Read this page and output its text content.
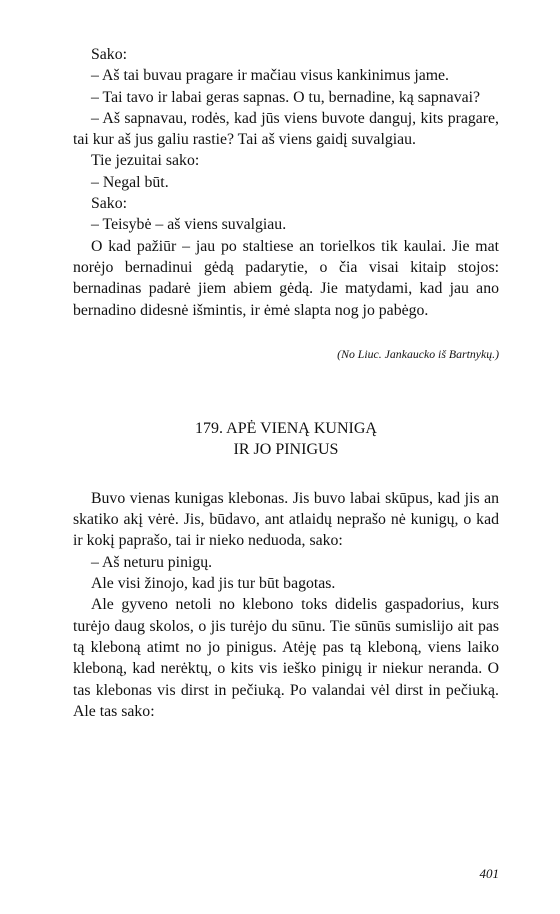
Sako:

– Aš tai buvau pragare ir mačiau visus kankinimus jame.

– Tai tavo ir labai geras sapnas. O tu, bernadine, ką sapnavai?

– Aš sapnavau, rodės, kad jūs viens buvote danguj, kits pragare, tai kur aš jus galiu rastie? Tai aš viens gaidį suvalgiau.

Tie jezuitai sako:

– Negal būt.

Sako:

– Teisybė – aš viens suvalgiau.

O kad pažiūr – jau po staltiese an torielkos tik kaulai. Jie mat norėjo bernadinui gėdą padarytie, o čia visai kitaip stojos: bernadinas padarė jiem abiem gėdą. Jie matydami, kad jau ano bernadino didesnė išmintis, ir ėmė slapta nog jo pabėgo.

(No Liuc. Jankaucko iš Bartnykų.)

179. APĖ VIENĄ KUNIGĄ
IR JO PINIGUS

Buvo vienas kunigas klebonas. Jis buvo labai skūpus, kad jis an skatiko akį vėrė. Jis, būdavo, ant atlaidų neprašo nė kunigų, o kad ir kokį paprašo, tai ir nieko neduoda, sako:

– Aš neturu pinigų.

Ale visi žinojo, kad jis tur būt bagotas.

Ale gyveno netoli no klebono toks didelis gaspadorius, kurs turėjo daug skolos, o jis turėjo du sūnu. Tie sūnūs sumislijo ait pas tą kleboną atimt no jo pinigus. Atėję pas tą kleboną, viens laiko kleboną, kad nerėktų, o kits vis ieško pinigų ir niekur neranda. O tas klebonas vis dirst in pečiuką. Po valandai vėl dirst in pečiuką. Ale tas sako:

401
